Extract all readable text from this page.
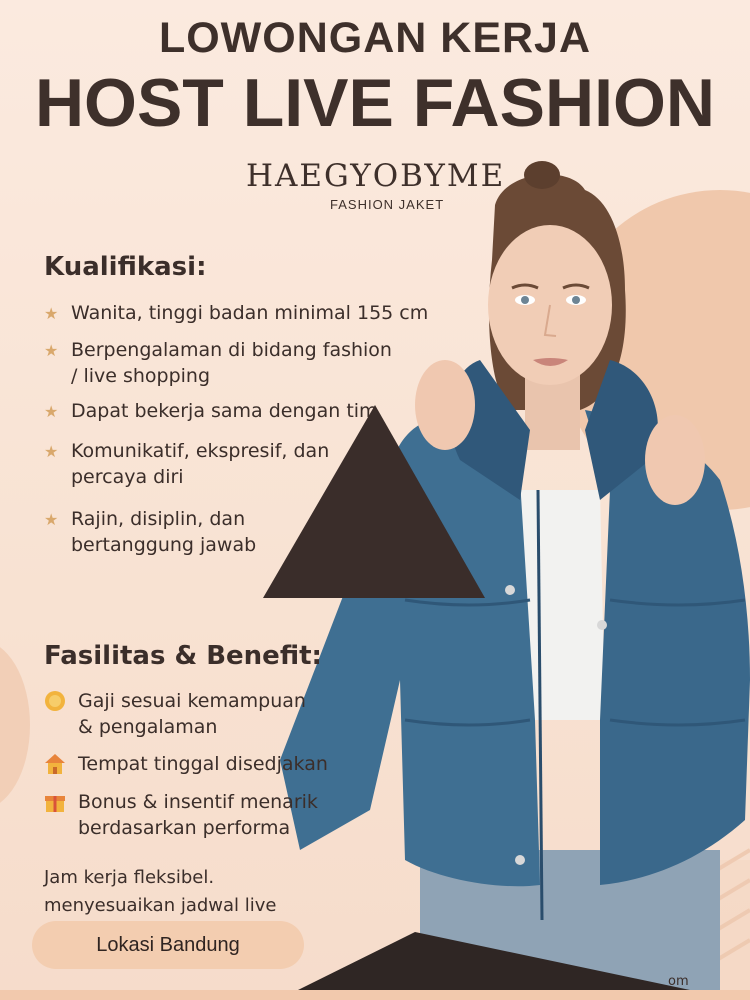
LOWONGAN KERJA
HOST LIVE FASHION
HAEGYOBYME
FASHION JAKET
Kualifikasi:
★ Wanita, tinggi badan minimal 155 cm
★ Berpengalaman di bidang fashion
/ live shopping
★ Dapat bekerja sama dengan tim
★ Komunikatif, ekspresif, dan
percaya diri
★ Rajin, disiplin, dan
bertanggung jawab
Fasilitas & Benefit:
Gaji sesuai kemampuan
& pengalaman
Tempat tinggal disedjakan
Bonus & insentif menarik
berdasarkan performa
Jam kerja fleksibel.
menyesuaikan jadwal live
Lokasi Bandung
om
